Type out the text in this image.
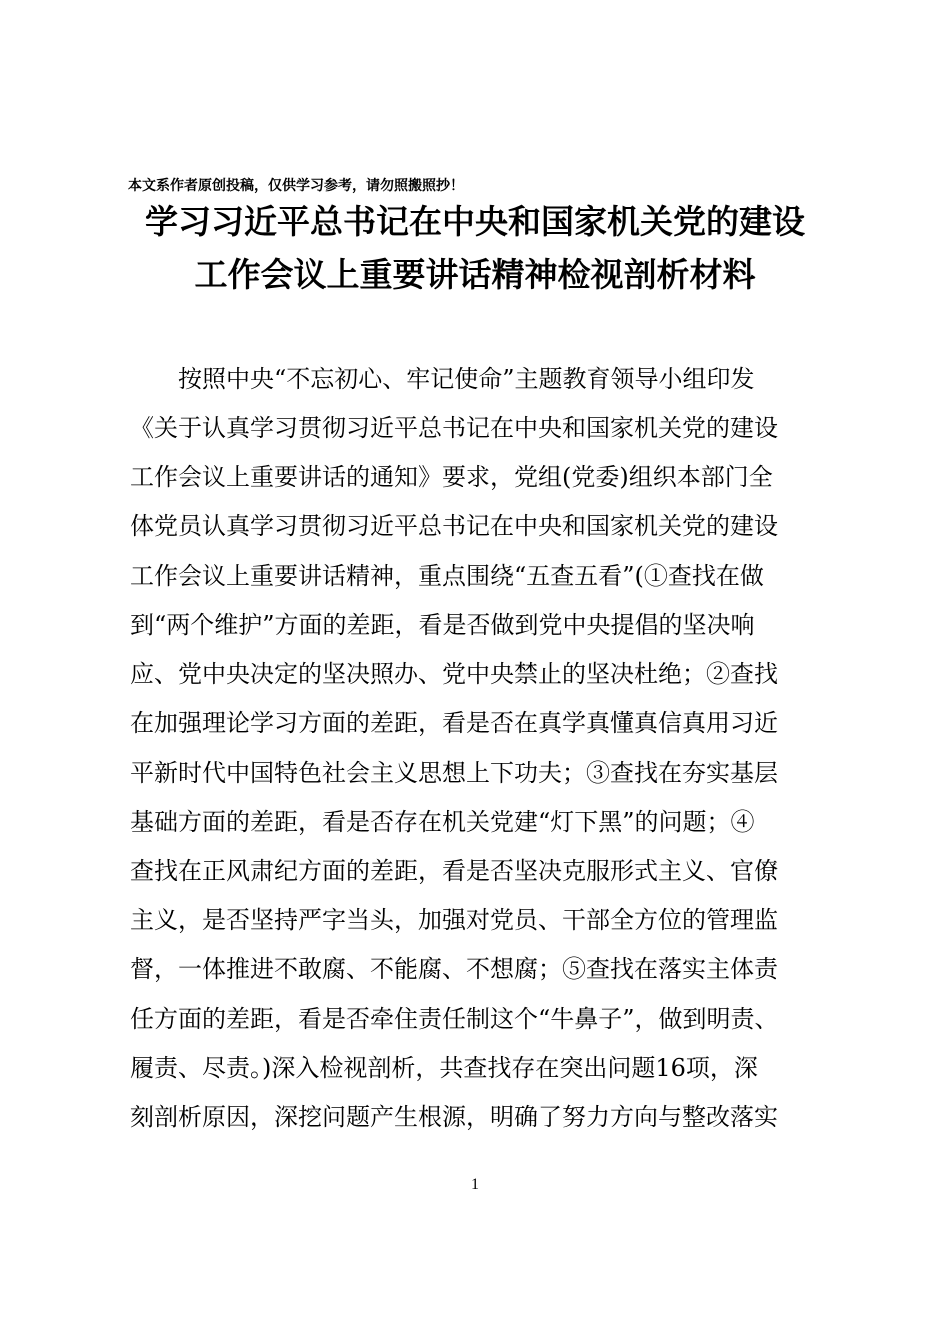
本文系作者原创投稿，仅供学习参考，请勿照搬照抄！
学习习近平总书记在中央和国家机关党的建设
工作会议上重要讲话精神检视剖析材料
按照中央“不忘初心、牢记使命”主题教育领导小组印发
《关于认真学习贯彻习近平总书记在中央和国家机关党的建设
工作会议上重要讲话的通知》要求，党组(党委)组织本部门全
体党员认真学习贯彻习近平总书记在中央和国家机关党的建设
工作会议上重要讲话精神，重点围绕“五查五看”(①查找在做
到“两个维护”方面的差距，看是否做到党中央提倡的坚决响
应、党中央决定的坚决照办、党中央禁止的坚决杜绝；②查找
在加强理论学习方面的差距，看是否在真学真懂真信真用习近
平新时代中国特色社会主义思想上下功夫；③查找在夯实基层
基础方面的差距，看是否存在机关党建“灯下黑”的问题；④
查找在正风肃纪方面的差距，看是否坚决克服形式主义、官僚
主义，是否坚持严字当头，加强对党员、干部全方位的管理监
督，一体推进不敢腐、不能腐、不想腐；⑤查找在落实主体责
任方面的差距，看是否牵住责任制这个“牛鼻子”，做到明责、
履责、尽责。)深入检视剖析，共查找存在突出问题16项，深
刻剖析原因，深挖问题产生根源，明确了努力方向与整改落实
1
